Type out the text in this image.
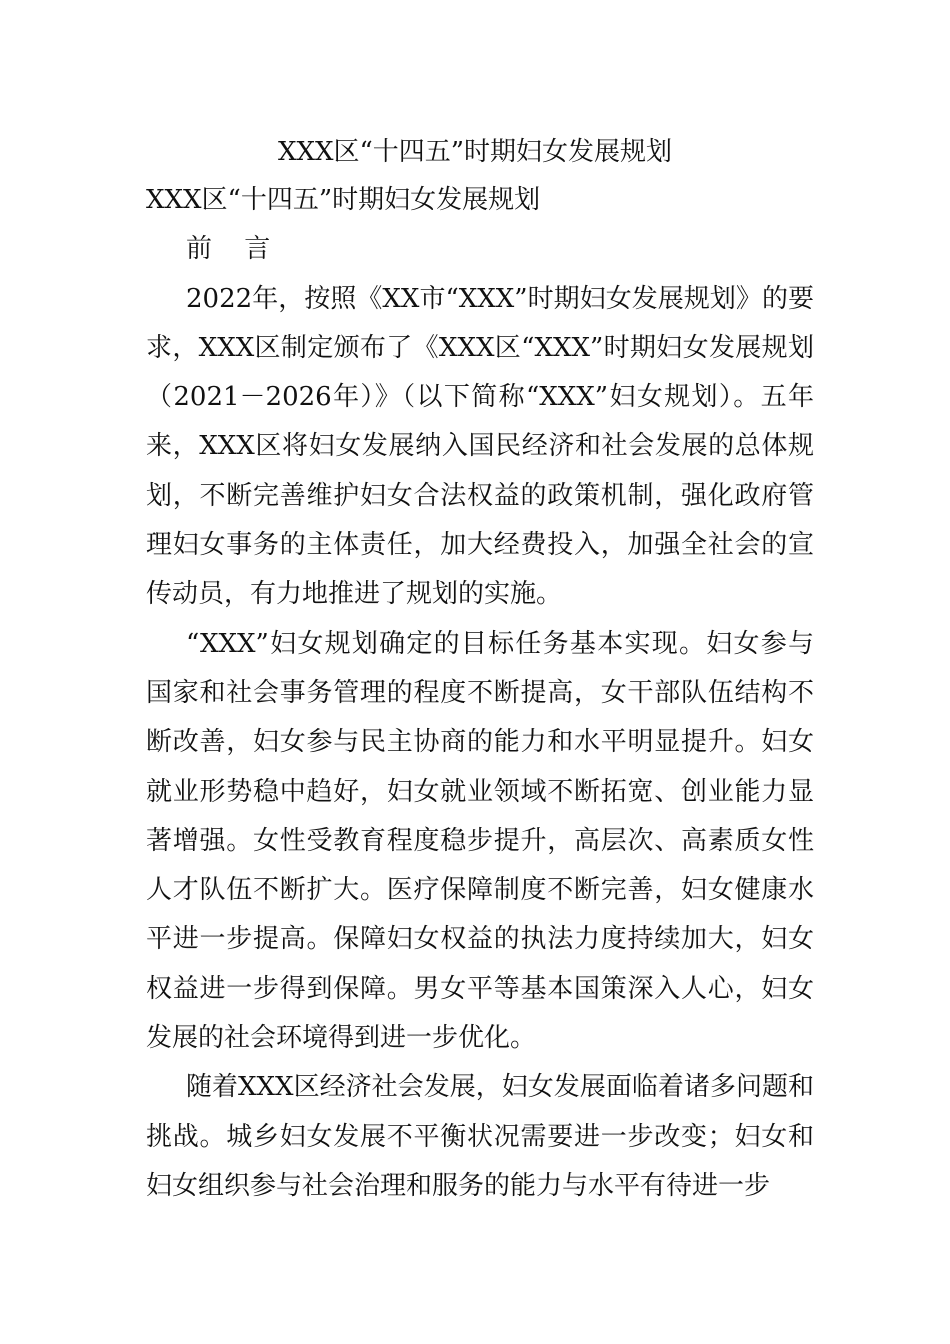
XXX区“十四五”时期妇女发展规划

XXX区“十四五”时期妇女发展规划

前 言

2022年，按照《XX市“XXX”时期妇女发展规划》的要求，XXX区制定颁布了《XXX区“XXX”时期妇女发展规划（2021－2026年）》（以下简称“XXX”妇女规划）。五年来，XXX区将妇女发展纳入国民经济和社会发展的总体规划，不断完善维护妇女合法权益的政策机制，强化政府管理妇女事务的主体责任，加大经费投入，加强全社会的宣传动员，有力地推进了规划的实施。

“XXX”妇女规划确定的目标任务基本实现。妇女参与国家和社会事务管理的程度不断提高，女干部队伍结构不断改善，妇女参与民主协商的能力和水平明显提升。妇女就业形势稳中趋好，妇女就业领域不断拓宽、创业能力显著增强。女性受教育程度稳步提升，高层次、高素质女性人才队伍不断扩大。医疗保障制度不断完善，妇女健康水平进一步提高。保障妇女权益的执法力度持续加大，妇女权益进一步得到保障。男女平等基本国策深入人心，妇女发展的社会环境得到进一步优化。

随着XXX区经济社会发展，妇女发展面临着诸多问题和挑战。城乡妇女发展不平衡状况需要进一步改变；妇女和妇女组织参与社会治理和服务的能力与水平有待进一步
